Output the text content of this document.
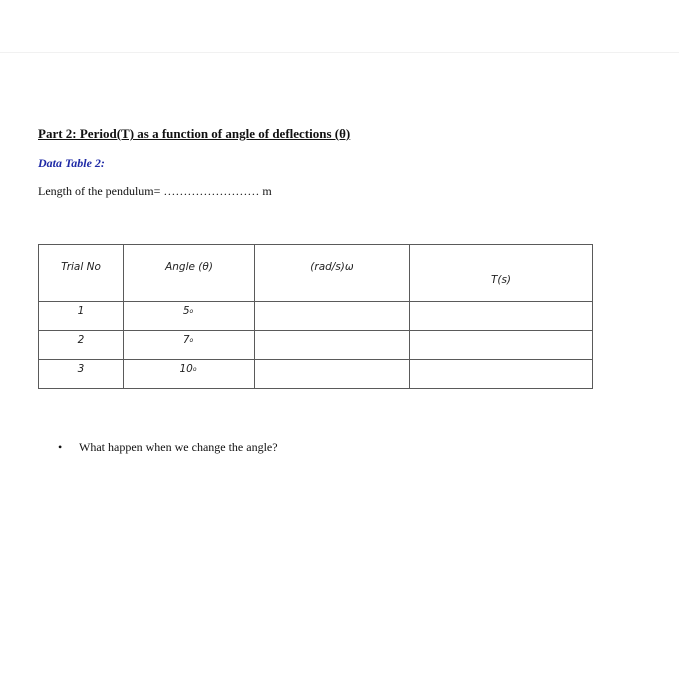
Part 2: Period(T) as a function of angle of deflections (θ)
Data Table 2:
Length of the pendulum= …………………… m
Trial No	Angle (θ)	(rad/s)ω	T(s)
1	5$^o$		
2	7$^o$		
3	10$^o$		
• What happen when we change the angle?
